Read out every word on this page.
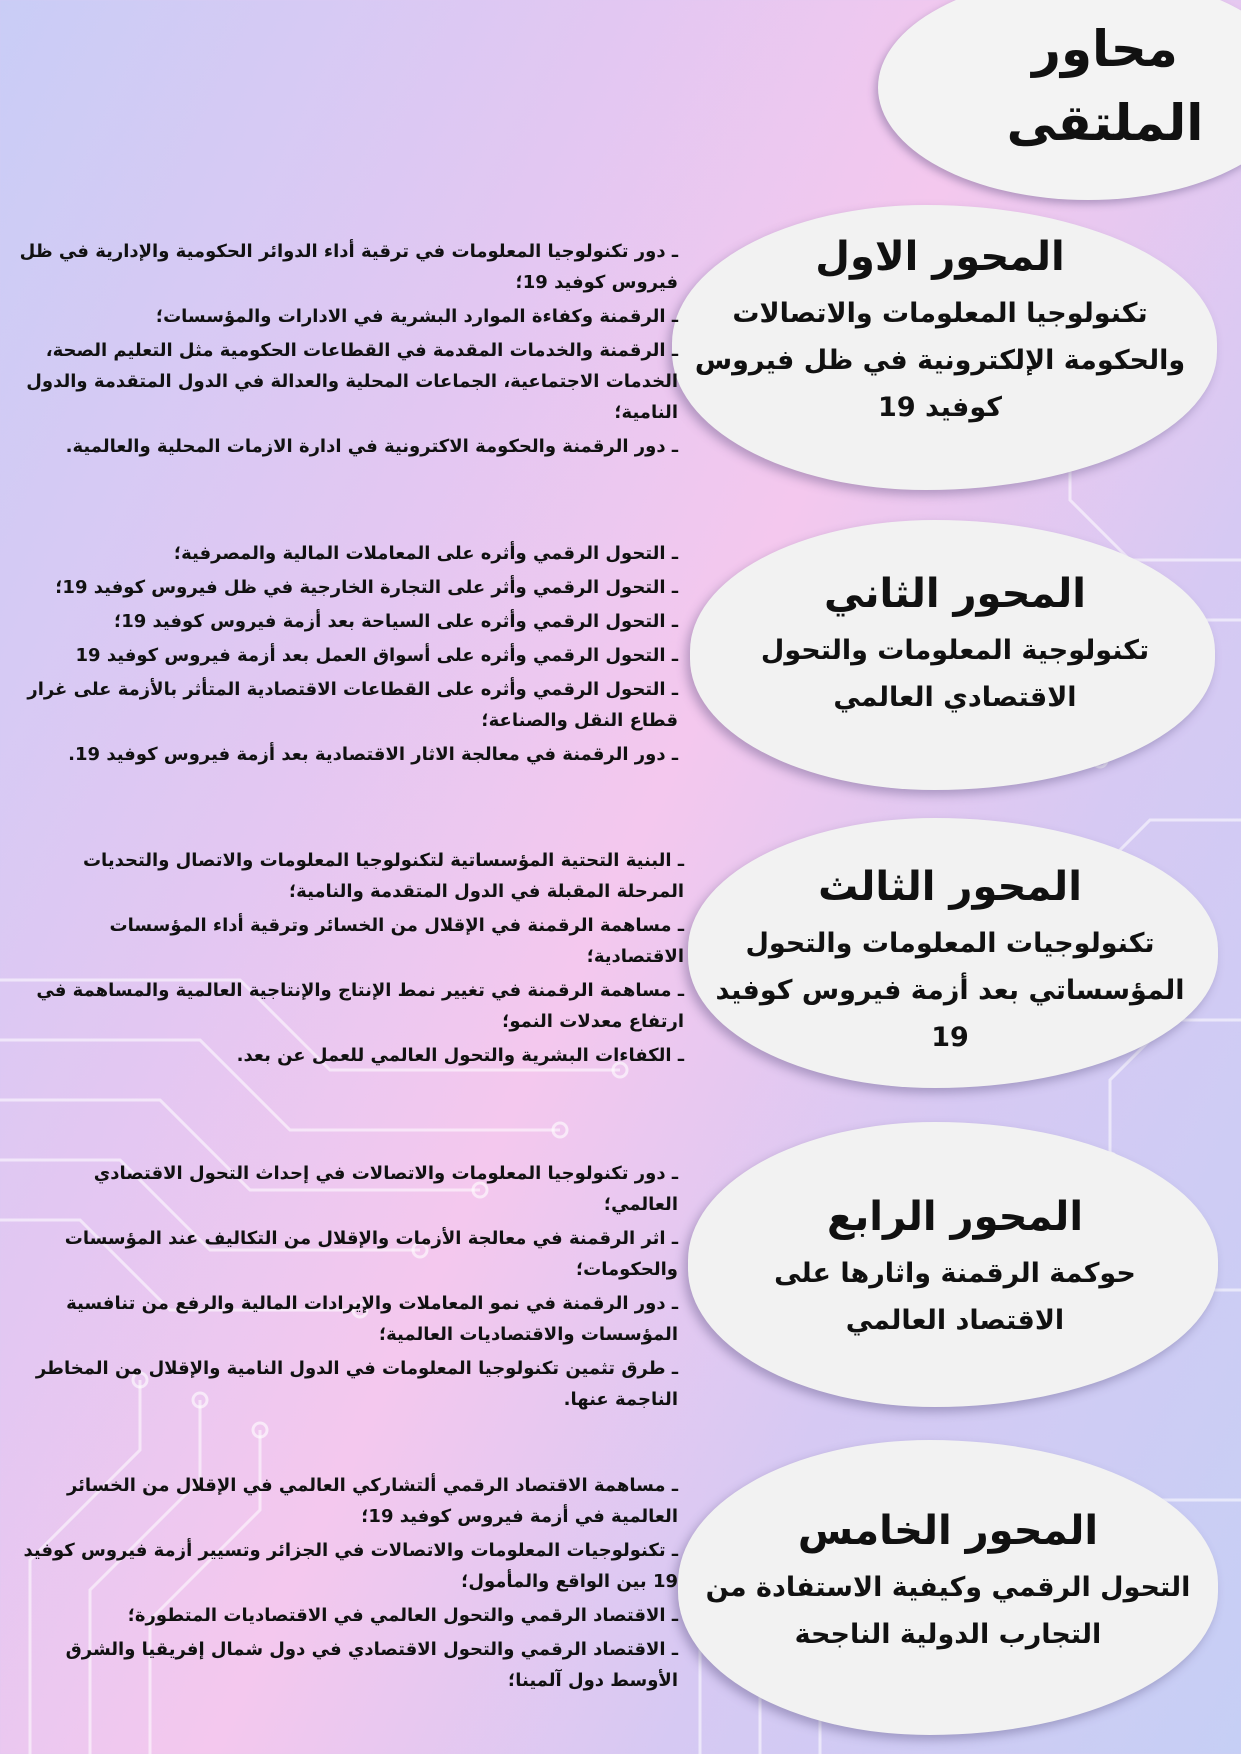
محاور الملتقى
المحور الاول
تكنولوجيا المعلومات والاتصالات والحكومة الإلكترونية في ظل فيروس كوفيد 19
ـ دور تكنولوجيا المعلومات في ترقية أداء الدوائر الحكومية والإدارية في ظل فيروس كوفيد 19؛
ـ الرقمنة وكفاءة الموارد البشرية في الادارات والمؤسسات؛
ـ الرقمنة والخدمات المقدمة في القطاعات الحكومية مثل التعليم الصحة، الخدمات الاجتماعية، الجماعات المحلية والعدالة في الدول المتقدمة والدول النامية؛
ـ دور الرقمنة والحكومة الاكترونية في ادارة الازمات المحلية والعالمية.
المحور الثاني
تكنولوجية المعلومات والتحول الاقتصادي العالمي
ـ التحول الرقمي وأثره على المعاملات المالية والمصرفية؛
ـ التحول الرقمي وأثر على التجارة الخارجية في ظل فيروس كوفيد 19؛
ـ التحول الرقمي وأثره على السياحة بعد أزمة فيروس كوفيد 19؛
ـ التحول الرقمي وأثره على أسواق العمل بعد أزمة فيروس كوفيد 19
ـ التحول الرقمي وأثره على القطاعات الاقتصادية المتأثر بالأزمة على غرار قطاع النقل والصناعة؛
ـ دور الرقمنة في معالجة الاثار الاقتصادية بعد أزمة فيروس كوفيد 19.
المحور الثالث
تكنولوجيات المعلومات والتحول المؤسساتي بعد أزمة فيروس كوفيد 19
ـ البنية التحتية المؤسساتية لتكنولوجيا المعلومات والاتصال والتحديات المرحلة المقبلة في الدول المتقدمة والنامية؛
ـ مساهمة الرقمنة في الإقلال من الخسائر وترقية أداء المؤسسات الاقتصادية؛
ـ مساهمة الرقمنة في تغيير نمط الإنتاج والإنتاجية العالمية والمساهمة في ارتفاع معدلات النمو؛
ـ الكفاءات البشرية والتحول العالمي للعمل عن بعد.
المحور الرابع
حوكمة الرقمنة واثارها على الاقتصاد العالمي
ـ دور تكنولوجيا المعلومات والاتصالات في إحداث التحول الاقتصادي العالمي؛
ـ اثر الرقمنة في معالجة الأزمات والإقلال من التكاليف عند المؤسسات والحكومات؛
ـ دور الرقمنة في نمو المعاملات والإيرادات المالية والرفع من تنافسية المؤسسات والاقتصاديات العالمية؛
ـ طرق تثمين تكنولوجيا المعلومات في الدول النامية والإقلال من المخاطر الناجمة عنها.
المحور الخامس
التحول الرقمي وكيفية الاستفادة من التجارب الدولية الناجحة
ـ مساهمة الاقتصاد الرقمي ألتشاركي العالمي في الإقلال من الخسائر العالمية في أزمة فيروس كوفيد 19؛
ـ تكنولوجيات المعلومات والاتصالات في الجزائر وتسيير أزمة فيروس كوفيد 19 بين الواقع والمأمول؛
ـ الاقتصاد الرقمي والتحول العالمي في الاقتصاديات المتطورة؛
ـ الاقتصاد الرقمي والتحول الاقتصادي في دول شمال إفريقيا والشرق الأوسط دول آلمينا؛
